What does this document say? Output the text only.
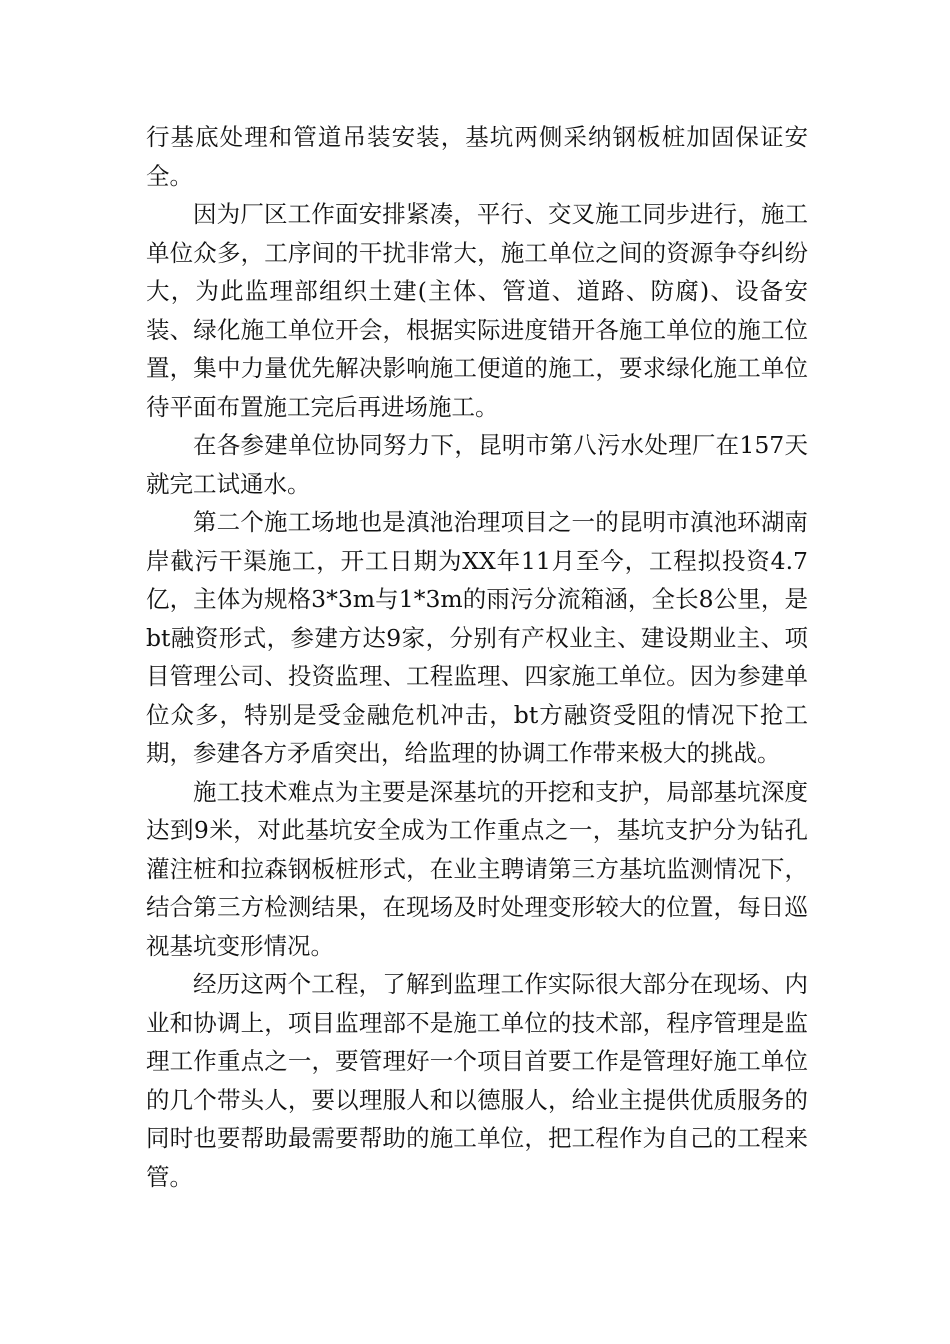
行基底处理和管道吊装安装，基坑两侧采纳钢板桩加固保证安全。

因为厂区工作面安排紧凑，平行、交叉施工同步进行，施工单位众多，工序间的干扰非常大，施工单位之间的资源争夺纠纷大，为此监理部组织土建(主体、管道、道路、防腐)、设备安装、绿化施工单位开会，根据实际进度错开各施工单位的施工位置，集中力量优先解决影响施工便道的施工，要求绿化施工单位待平面布置施工完后再进场施工。

在各参建单位协同努力下，昆明市第八污水处理厂在157天就完工试通水。

第二个施工场地也是滇池治理项目之一的昆明市滇池环湖南岸截污干渠施工，开工日期为XX年11月至今，工程拟投资4.7亿，主体为规格3*3m与1*3m的雨污分流箱涵，全长8公里，是bt融资形式，参建方达9家，分别有产权业主、建设期业主、项目管理公司、投资监理、工程监理、四家施工单位。因为参建单位众多，特别是受金融危机冲击，bt方融资受阻的情况下抢工期，参建各方矛盾突出，给监理的协调工作带来极大的挑战。

施工技术难点为主要是深基坑的开挖和支护，局部基坑深度达到9米，对此基坑安全成为工作重点之一，基坑支护分为钻孔灌注桩和拉森钢板桩形式，在业主聘请第三方基坑监测情况下，结合第三方检测结果，在现场及时处理变形较大的位置，每日巡视基坑变形情况。

经历这两个工程，了解到监理工作实际很大部分在现场、内业和协调上，项目监理部不是施工单位的技术部，程序管理是监理工作重点之一，要管理好一个项目首要工作是管理好施工单位的几个带头人，要以理服人和以德服人，给业主提供优质服务的同时也要帮助最需要帮助的施工单位，把工程作为自己的工程来管。
